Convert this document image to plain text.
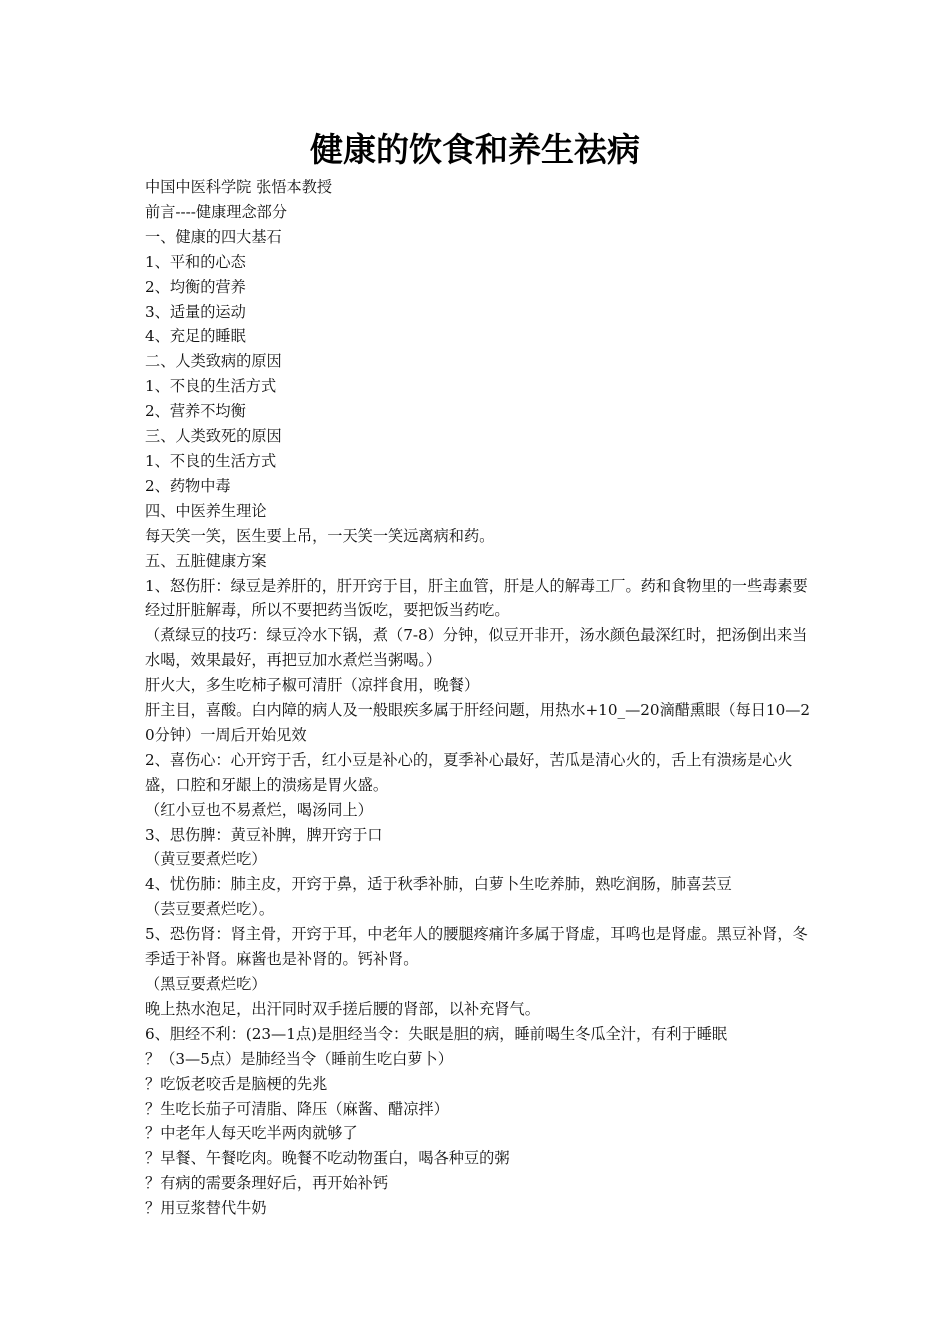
健康的饮食和养生祛病

中国中医科学院 张悟本教授

前言----健康理念部分

一、健康的四大基石

1、平和的心态

2、均衡的营养

3、适量的运动

4、充足的睡眠

二、人类致病的原因

1、不良的生活方式

2、营养不均衡

三、人类致死的原因

1、不良的生活方式

2、药物中毒

四、中医养生理论

每天笑一笑，医生要上吊，一天笑一笑远离病和药。

五、五脏健康方案

1、怒伤肝：绿豆是养肝的，肝开窍于目，肝主血管，肝是人的解毒工厂。药和食物里的一些毒素要经过肝脏解毒，所以不要把药当饭吃，要把饭当药吃。

（煮绿豆的技巧：绿豆冷水下锅，煮（7-8）分钟，似豆开非开，汤水颜色最深红时，把汤倒出来当水喝，效果最好，再把豆加水煮烂当粥喝。）

肝火大，多生吃柿子椒可清肝（凉拌食用，晚餐）

肝主目，喜酸。白内障的病人及一般眼疾多属于肝经问题，用热水+10_—20滴醋熏眼（每日10—20分钟）一周后开始见效

2、喜伤心：心开窍于舌，红小豆是补心的，夏季补心最好，苦瓜是清心火的，舌上有溃疡是心火盛，口腔和牙龈上的溃疡是胃火盛。

（红小豆也不易煮烂，喝汤同上）

3、思伤脾：黄豆补脾，脾开窍于口

（黄豆要煮烂吃）

4、忧伤肺：肺主皮，开窍于鼻，适于秋季补肺，白萝卜生吃养肺，熟吃润肠，肺喜芸豆

（芸豆要煮烂吃）。

5、恐伤肾：肾主骨，开窍于耳，中老年人的腰腿疼痛许多属于肾虚，耳鸣也是肾虚。黑豆补肾，冬季适于补肾。麻酱也是补肾的。钙补肾。

（黑豆要煮烂吃）

晚上热水泡足，出汗同时双手搓后腰的肾部，以补充肾气。

6、胆经不利：(23—1点)是胆经当令：失眠是胆的病，睡前喝生冬瓜全汁，有利于睡眠

？（3—5点）是肺经当令（睡前生吃白萝卜）

？吃饭老咬舌是脑梗的先兆

？生吃长茄子可清脂、降压（麻酱、醋凉拌）

？中老年人每天吃半两肉就够了

？早餐、午餐吃肉。晚餐不吃动物蛋白，喝各种豆的粥

？有病的需要条理好后，再开始补钙

？用豆浆替代牛奶
